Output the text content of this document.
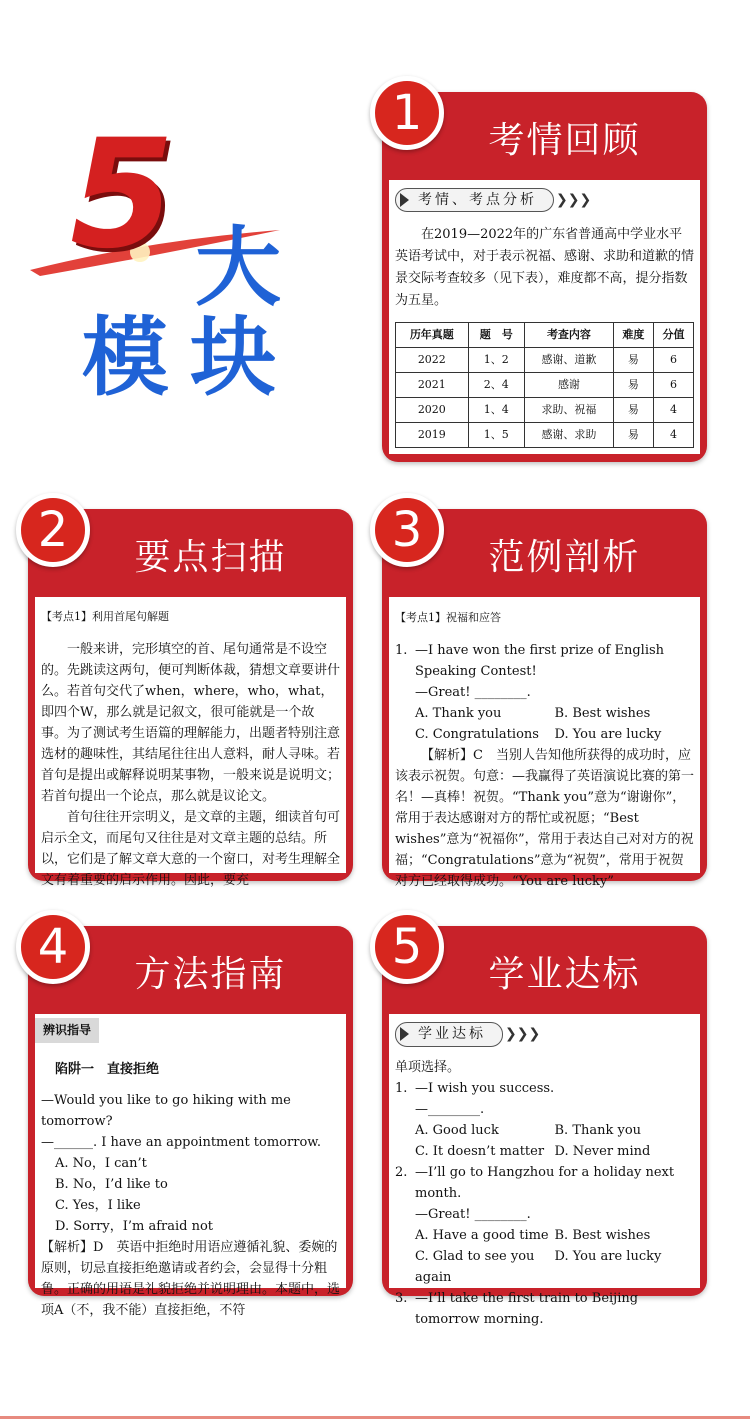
5 大
模块
1	考情回顾
考情、考点分析 ❯❯❯

在2019—2022年的广东省普通高中学业水平英语考试中，对于表示祝福、感谢、求助和道歉的情景交际考查较多（见下表），难度都不高，提分指数为五星。

历年真题	题　号	考查内容	难度	分值
2022	1、2	感谢、道歉	易	6
2021	2、4	感谢	易	6
2020	1、4	求助、祝福	易	4
2019	1、5	感谢、求助	易	4
2	要点扫描

【考点1】利用首尾句解题

一般来讲，完形填空的首、尾句通常是不设空的。先跳读这两句，便可判断体裁，猜想文章要讲什么。若首句交代了when，where，who，what，即四个W，那么就是记叙文，很可能就是一个故事。为了测试考生语篇的理解能力，出题者特别注意选材的趣味性，其结尾往往出人意料，耐人寻味。若首句是提出或解释说明某事物，一般来说是说明文；若首句提出一个论点，那么就是议论文。

首句往往开宗明义，是文章的主题，细读首句可启示全文，而尾句又往往是对文章主题的总结。所以，它们是了解文章大意的一个窗口，对考生理解全文有着重要的启示作用。因此，要充

3	范例剖析

【考点1】祝福和应答

1. —I have won the first prize of English Speaking Contest!

—Great! ________.

A. Thank you	B. Best wishes
C. Congratulations	D. You are lucky

【解析】C　当别人告知他所获得的成功时，应该表示祝贺。句意：—我赢得了英语演说比赛的第一名！—真棒！祝贺。“Thank you”意为“谢谢你”，常用于表达感谢对方的帮忙或祝愿；“Best wishes”意为“祝福你”，常用于表达自己对对方的祝福；“Congratulations”意为“祝贺”，常用于祝贺对方已经取得成功。“You are lucky”

4	方法指南
辨识指导

陷阱一　直接拒绝

—Would you like to go hiking with me tomorrow?

—______. I have an appointment tomorrow.

A. No，I can’t

B. No，I’d like to

C. Yes，I like

D. Sorry，I’m afraid not

【解析】D　英语中拒绝时用语应遵循礼貌、委婉的原则，切忌直接拒绝邀请或者约会，会显得十分粗鲁。正确的用语是礼貌拒绝并说明理由。本题中，选项A（不，我不能）直接拒绝，不符

5	学业达标
学业达标 ❯❯❯

单项选择。

1. —I wish you success.

—________.

A. Good luck	B. Thank you
C. It doesn’t matter D. Never mind
2. —I’ll go to Hangzhou for a holiday next month.

—Great! ________.

A. Have a good time B. Best wishes
C. Glad to see you again
D. You are lucky
3. —I’ll take the first train to Beijing tomorrow morning.
